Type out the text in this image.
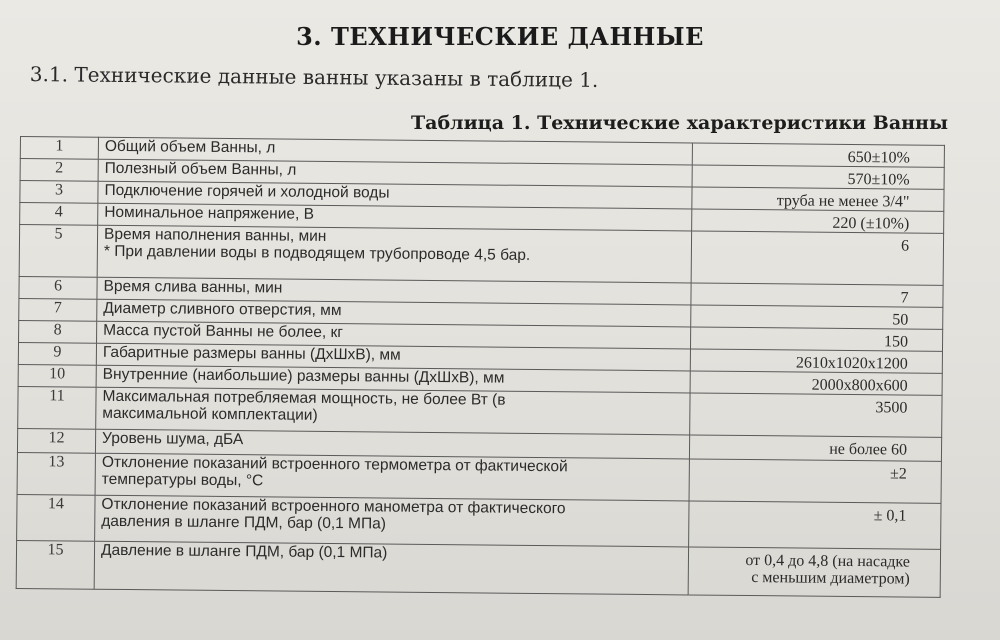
3. ТЕХНИЧЕСКИЕ ДАННЫЕ
3.1. Технические данные ванны указаны в таблице 1.
Таблица 1. Технические характеристики Ванны
1	Общий объем Ванны, л	650±10%
2	Полезный объем Ванны, л	570±10%
3	Подключение горячей и холодной воды	труба не менее 3/4"
4	Номинальное напряжение, В	220 (±10%)
5	Время наполнения ванны, мин
* При давлении воды в подводящем трубопроводе 4,5 бар.	6
6	Время слива ванны, мин	7
7	Диаметр сливного отверстия, мм	50
8	Масса пустой Ванны не более, кг	150
9	Габаритные размеры ванны (ДхШхВ), мм	2610x1020x1200
10	Внутренние (наибольшие) размеры ванны (ДхШхВ), мм	2000x800x600
11	Максимальная потребляемая мощность, не более Вт (в
максимальной комплектации)	3500
12	Уровень шума, дБА	не более 60
13	Отклонение показаний встроенного термометра от фактической
температуры воды, °С	±2
14	Отклонение показаний встроенного манометра от фактического
давления в шланге ПДМ, бар (0,1 МПа)	± 0,1
15	Давление в шланге ПДМ, бар (0,1 МПа)	от 0,4 до 4,8 (на насадке
с меньшим диаметром)
